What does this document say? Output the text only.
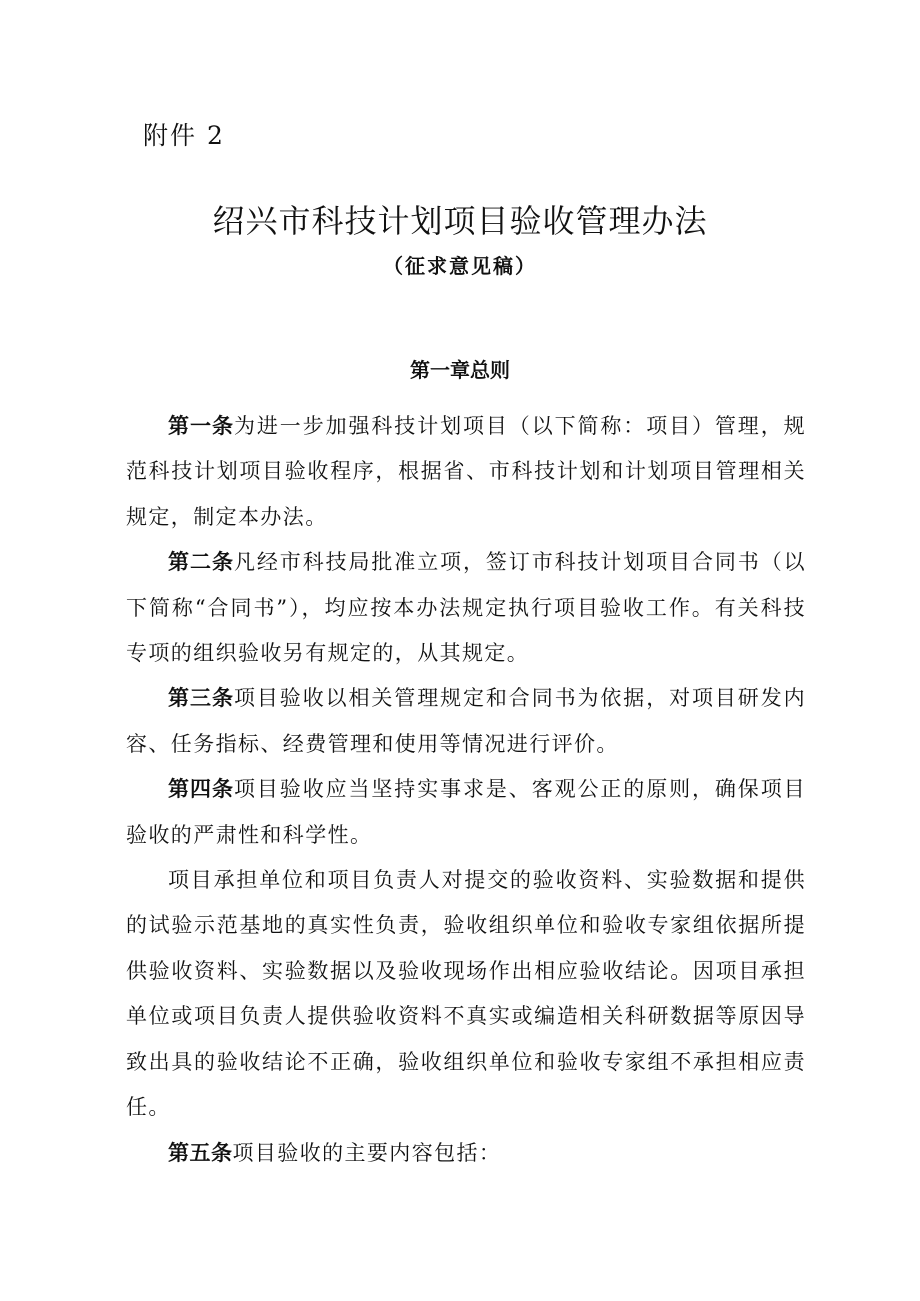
附件 2
绍兴市科技计划项目验收管理办法
（征求意见稿）
第一章总则

第一条为进一步加强科技计划项目（以下简称：项目）管理，规范科技计划项目验收程序，根据省、市科技计划和计划项目管理相关规定，制定本办法。

第二条凡经市科技局批准立项，签订市科技计划项目合同书（以下简称“合同书”），均应按本办法规定执行项目验收工作。有关科技专项的组织验收另有规定的，从其规定。

第三条项目验收以相关管理规定和合同书为依据，对项目研发内容、任务指标、经费管理和使用等情况进行评价。

第四条项目验收应当坚持实事求是、客观公正的原则，确保项目验收的严肃性和科学性。

项目承担单位和项目负责人对提交的验收资料、实验数据和提供的试验示范基地的真实性负责，验收组织单位和验收专家组依据所提供验收资料、实验数据以及验收现场作出相应验收结论。因项目承担单位或项目负责人提供验收资料不真实或编造相关科研数据等原因导致出具的验收结论不正确，验收组织单位和验收专家组不承担相应责任。

第五条项目验收的主要内容包括：
